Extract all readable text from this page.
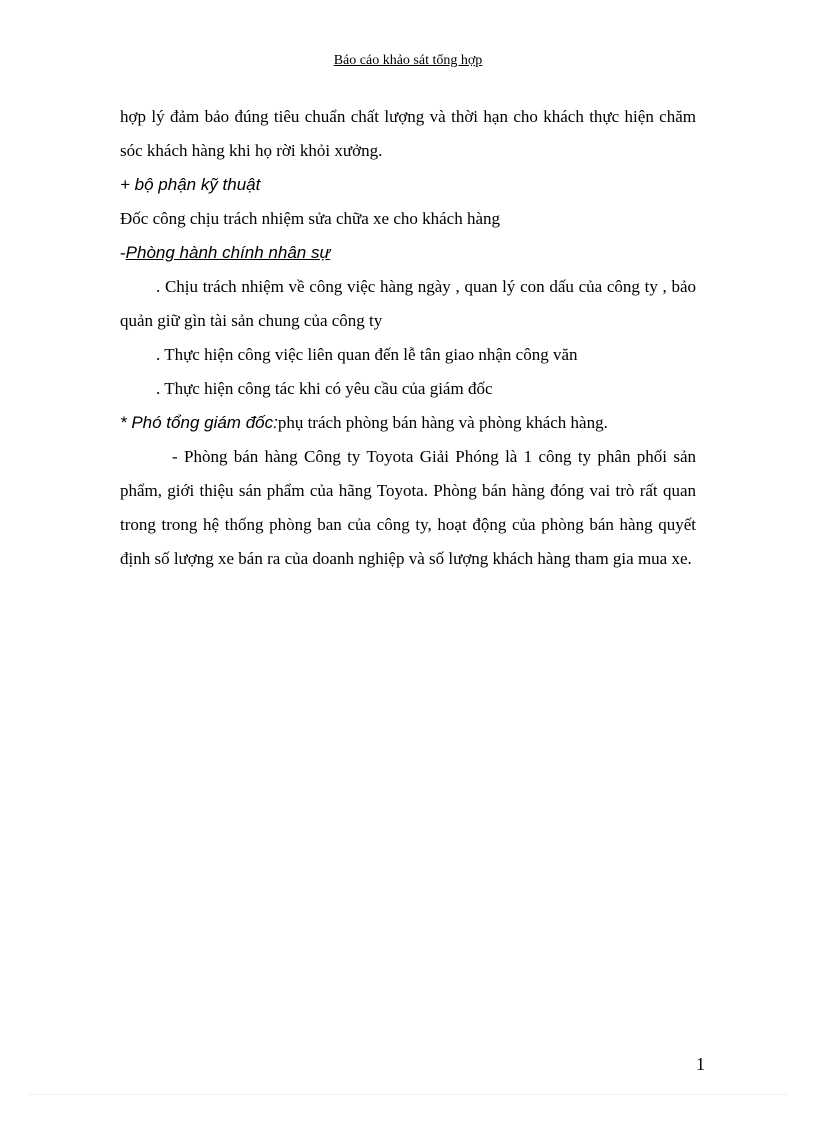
Báo cáo khảo sát tổng hợp

hợp lý đảm bảo đúng tiêu chuẩn chất lượng và thời hạn cho khách thực hiện chăm sóc khách hàng khi họ rời khỏi xưởng.

+ bộ phận kỹ thuật

Đốc công chịu trách nhiệm sửa chữa xe cho khách hàng

-Phòng hành chính nhân sự

. Chịu trách nhiệm về công việc hàng ngày , quan lý con dấu của công ty , bảo quản giữ gìn tài sản chung của công ty

. Thực hiện công việc liên quan đến lễ tân giao nhận công văn

. Thực hiện công tác khi có yêu cầu của giám đốc

* Phó tổng giám đốc:phụ trách phòng bán hàng và phòng khách hàng.

- Phòng bán hàng Công ty Toyota Giải Phóng là 1 công ty phân phối sản phẩm, giới thiệu sán phẩm của hãng Toyota. Phòng bán hàng đóng vai trò rất quan trong trong hệ thống phòng ban của công ty, hoạt động của phòng bán hàng quyết định số lượng xe bán ra của doanh nghiệp và số lượng khách hàng tham gia mua xe.

1
